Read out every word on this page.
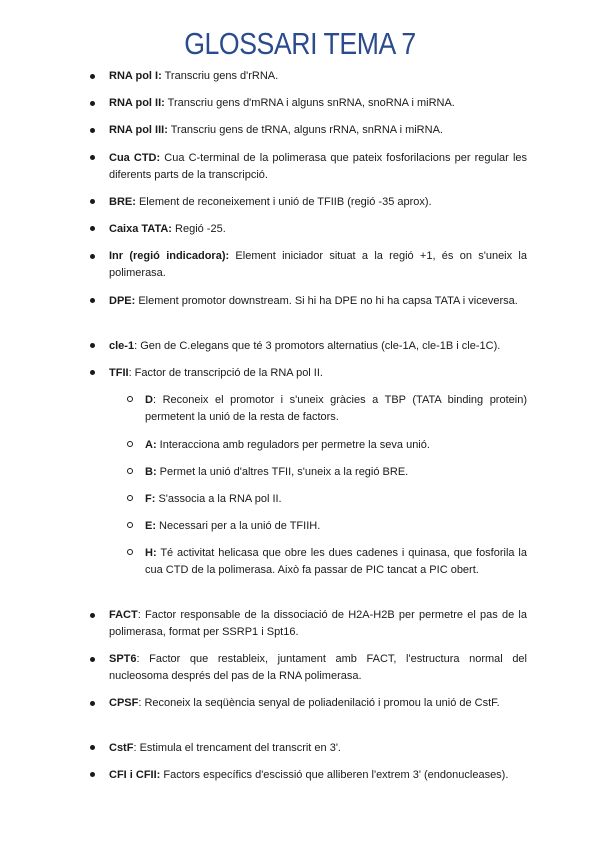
GLOSSARI TEMA 7
RNA pol I: Transcriu gens d'rRNA.
RNA pol II: Transcriu gens d'mRNA i alguns snRNA, snoRNA i miRNA.
RNA pol III: Transcriu gens de tRNA, alguns rRNA, snRNA i miRNA.
Cua CTD: Cua C-terminal de la polimerasa que pateix fosforilacions per regular les diferents parts de la transcripció.
BRE: Element de reconeixement i unió de TFIIB (regió -35 aprox).
Caixa TATA: Regió -25.
Inr (regió indicadora): Element iniciador situat a la regió +1, és on s'uneix la polimerasa.
DPE: Element promotor downstream. Si hi ha DPE no hi ha capsa TATA i viceversa.
cle-1: Gen de C.elegans que té 3 promotors alternatius (cle-1A, cle-1B i cle-1C).
TFII: Factor de transcripció de la RNA pol II.
D: Reconeix el promotor i s'uneix gràcies a TBP (TATA binding protein) permetent la unió de la resta de factors.
A: Interacciona amb reguladors per permetre la seva unió.
B: Permet la unió d'altres TFII, s'uneix a la regió BRE.
F: S'associa a la RNA pol II.
E: Necessari per a la unió de TFIIH.
H: Té activitat helicasa que obre les dues cadenes i quinasa, que fosforila la cua CTD de la polimerasa. Això fa passar de PIC tancat a PIC obert.
FACT: Factor responsable de la dissociació de H2A-H2B per permetre el pas de la polimerasa, format per SSRP1 i Spt16.
SPT6: Factor que restableix, juntament amb FACT, l'estructura normal del nucleosoma després del pas de la RNA polimerasa.
CPSF: Reconeix la seqüència senyal de poliadenilació i promou la unió de CstF.
CstF: Estimula el trencament del transcrit en 3'.
CFI i CFII: Factors específics d'escissió que alliberen l'extrem 3' (endonucleases).
